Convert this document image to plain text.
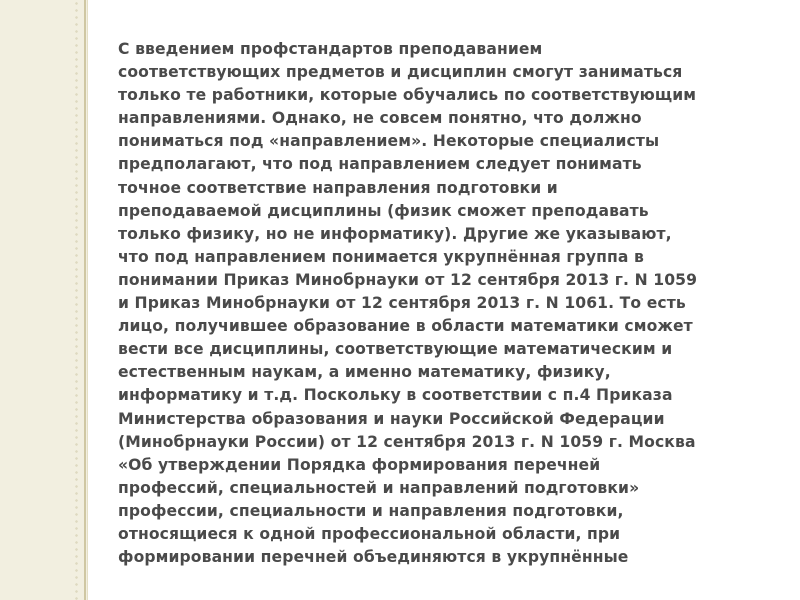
С введением профстандартов преподаванием
соответствующих предметов и дисциплин смогут заниматься
только те работники, которые обучались по соответствующим
направлениями. Однако, не совсем понятно, что должно
пониматься под «направлением». Некоторые специалисты
предполагают, что под направлением следует понимать
точное соответствие направления подготовки и
преподаваемой дисциплины (физик сможет преподавать
только физику, но не информатику). Другие же указывают,
что под направлением понимается укрупнённая группа в
понимании Приказ Минобрнауки от 12 сентября 2013 г. N 1059
и Приказ Минобрнауки от 12 сентября 2013 г. N 1061. То есть
лицо, получившее образование в области математики сможет
вести все дисциплины, соответствующие математическим и
естественным наукам, а именно математику, физику,
информатику и т.д. Поскольку в соответствии с п.4 Приказа
Министерства образования и науки Российской Федерации
(Минобрнауки России) от 12 сентября 2013 г. N 1059 г. Москва
«Об утверждении Порядка формирования перечней
профессий, специальностей и направлений подготовки»
профессии, специальности и направления подготовки,
относящиеся к одной профессиональной области, при
формировании перечней объединяются в укрупнённые
